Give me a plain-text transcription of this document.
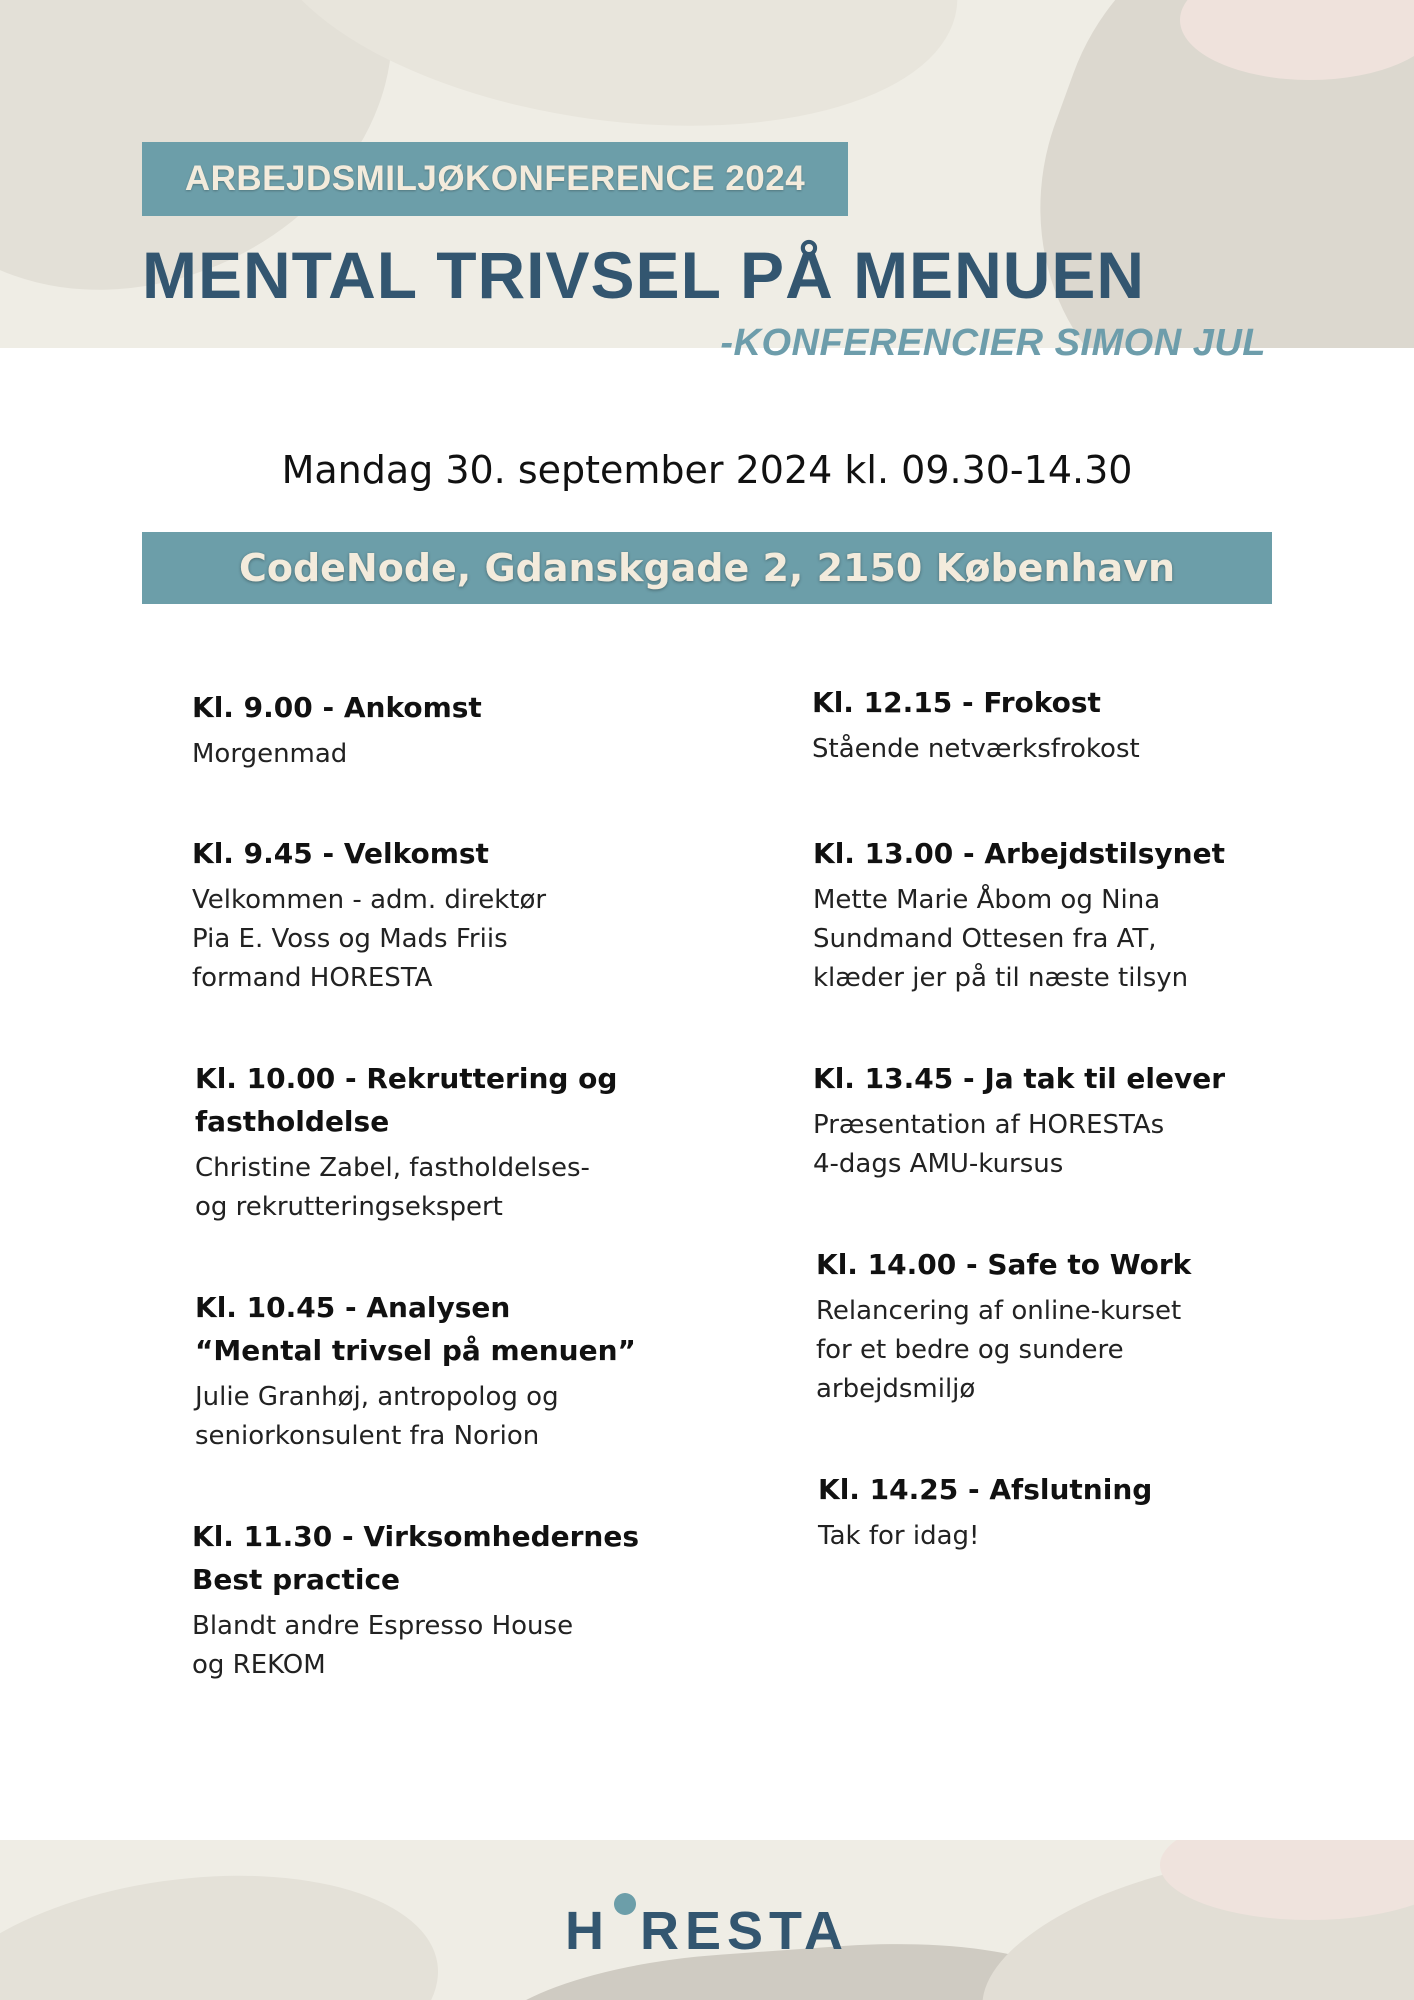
ARBEJDSMILJØKONFERENCE 2024
MENTAL TRIVSEL PÅ MENUEN
-KONFERENCIER SIMON JUL
Mandag 30. september 2024 kl. 09.30-14.30
CodeNode, Gdanskgade 2, 2150 København
Kl. 9.00 - Ankomst
Morgenmad
Kl. 9.45 - Velkomst
Velkommen - adm. direktør
Pia E. Voss og Mads Friis
formand HORESTA
Kl. 10.00 - Rekruttering og
fastholdelse
Christine Zabel, fastholdelses-
og rekrutteringsekspert
Kl. 10.45 - Analysen
“Mental trivsel på menuen”
Julie Granhøj, antropolog og
seniorkonsulent fra Norion
Kl. 11.30 - Virksomhedernes
Best practice
Blandt andre Espresso House
og REKOM
Kl. 12.15 - Frokost
Stående netværksfrokost
Kl. 13.00 - Arbejdstilsynet
Mette Marie Åbom og Nina
Sundmand Ottesen fra AT,
klæder jer på til næste tilsyn
Kl. 13.45 - Ja tak til elever
Præsentation af HORESTAs
4-dags AMU-kursus
Kl. 14.00 - Safe to Work
Relancering af online-kurset
for et bedre og sundere
arbejdsmiljø
Kl. 14.25 - Afslutning
Tak for idag!
H RESTA
